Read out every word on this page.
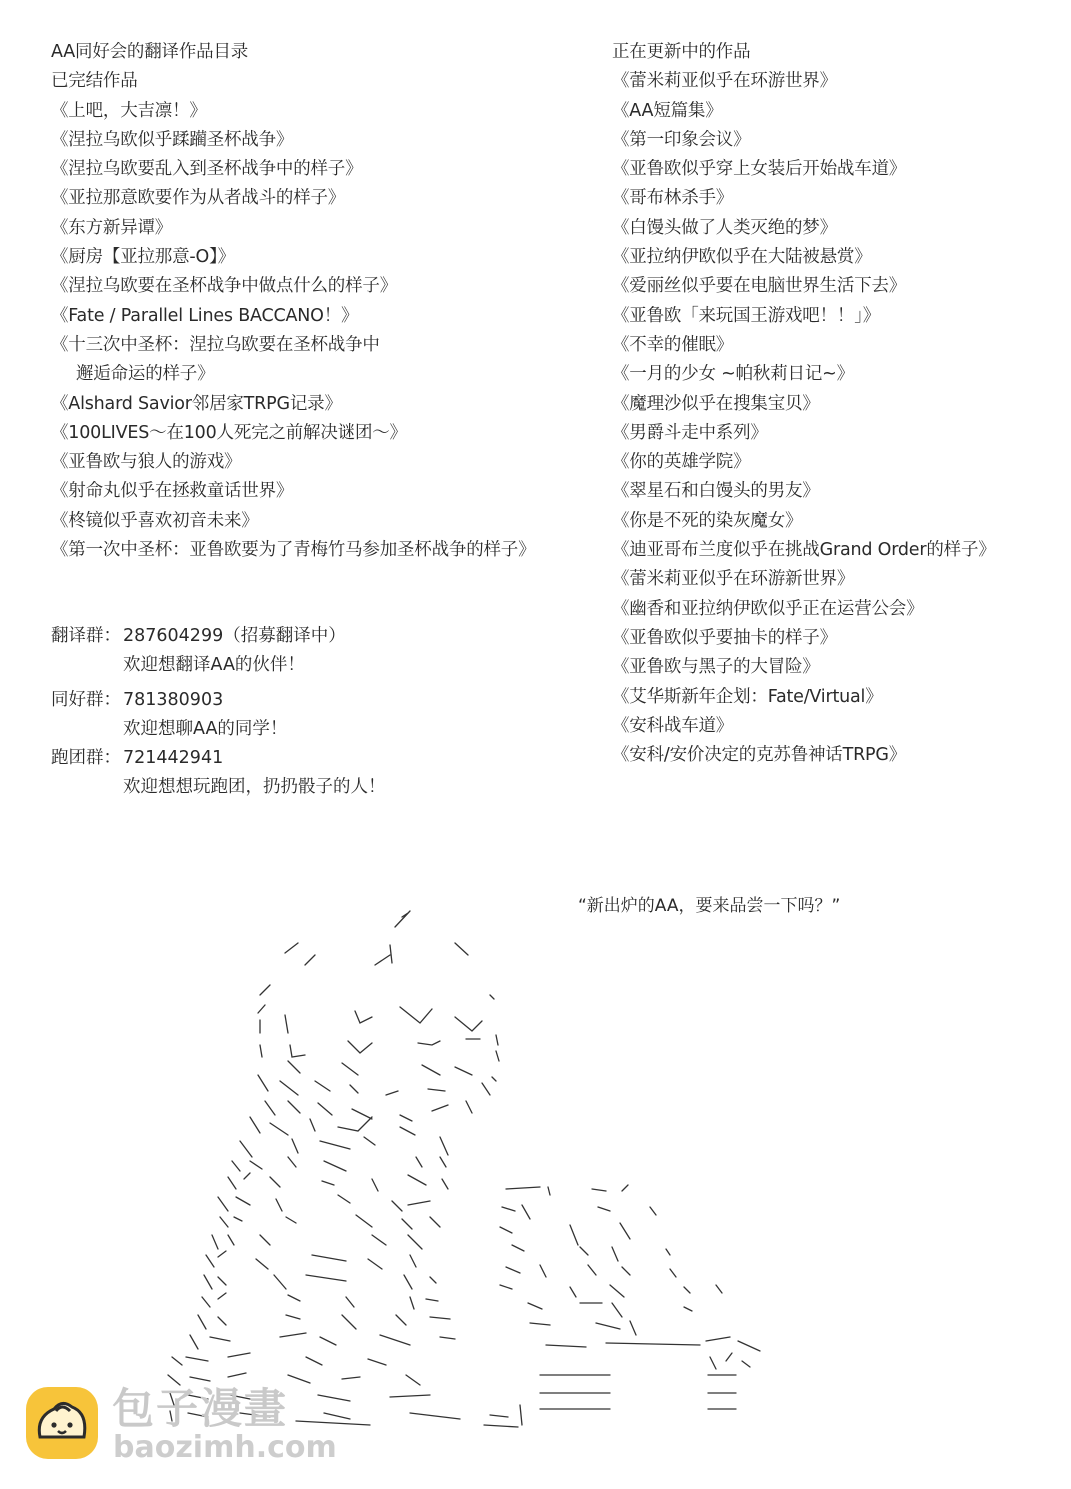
AA同好会的翻译作品目录
已完结作品
《上吧，大吉凛！》
《涅拉乌欧似乎蹂躏圣杯战争》
《涅拉乌欧要乱入到圣杯战争中的样子》
《亚拉那意欧要作为从者战斗的样子》
《东方新异谭》
《厨房【亚拉那意-O】》
《涅拉乌欧要在圣杯战争中做点什么的样子》
《Fate / Parallel Lines BACCANO！》
《十三次中圣杯：涅拉乌欧要在圣杯战争中
邂逅命运的样子》
《Alshard Savior邻居家TRPG记录》
《100LIVES～在100人死完之前解决谜团～》
《亚鲁欧与狼人的游戏》
《射命丸似乎在拯救童话世界》
《柊镜似乎喜欢初音未来》
《第一次中圣杯：亚鲁欧要为了青梅竹马参加圣杯战争的样子》
正在更新中的作品
《蕾米莉亚似乎在环游世界》
《AA短篇集》
《第一印象会议》
《亚鲁欧似乎穿上女装后开始战车道》
《哥布林杀手》
《白馒头做了人类灭绝的梦》
《亚拉纳伊欧似乎在大陆被悬赏》
《爱丽丝似乎要在电脑世界生活下去》
《亚鲁欧「来玩国王游戏吧！！」》
《不幸的催眠》
《一月的少女 ~帕秋莉日记~》
《魔理沙似乎在搜集宝贝》
《男爵斗走中系列》
《你的英雄学院》
《翠星石和白馒头的男友》
《你是不死的染灰魔女》
《迪亚哥布兰度似乎在挑战Grand Order的样子》
《蕾米莉亚似乎在环游新世界》
《幽香和亚拉纳伊欧似乎正在运营公会》
《亚鲁欧似乎要抽卡的样子》
《亚鲁欧与黑子的大冒险》
《艾华斯新年企划：Fate/Virtual》
《安科战车道》
《安科/安价决定的克苏鲁神话TRPG》
翻译群： 287604299（招募翻译中）
欢迎想翻译AA的伙伴！
同好群： 781380903
欢迎想聊AA的同学！
跑团群： 721442941
欢迎想想玩跑团，扔扔骰子的人！
“新出炉的AA，要来品尝一下吗？”
包子漫畫
baozimh.com
